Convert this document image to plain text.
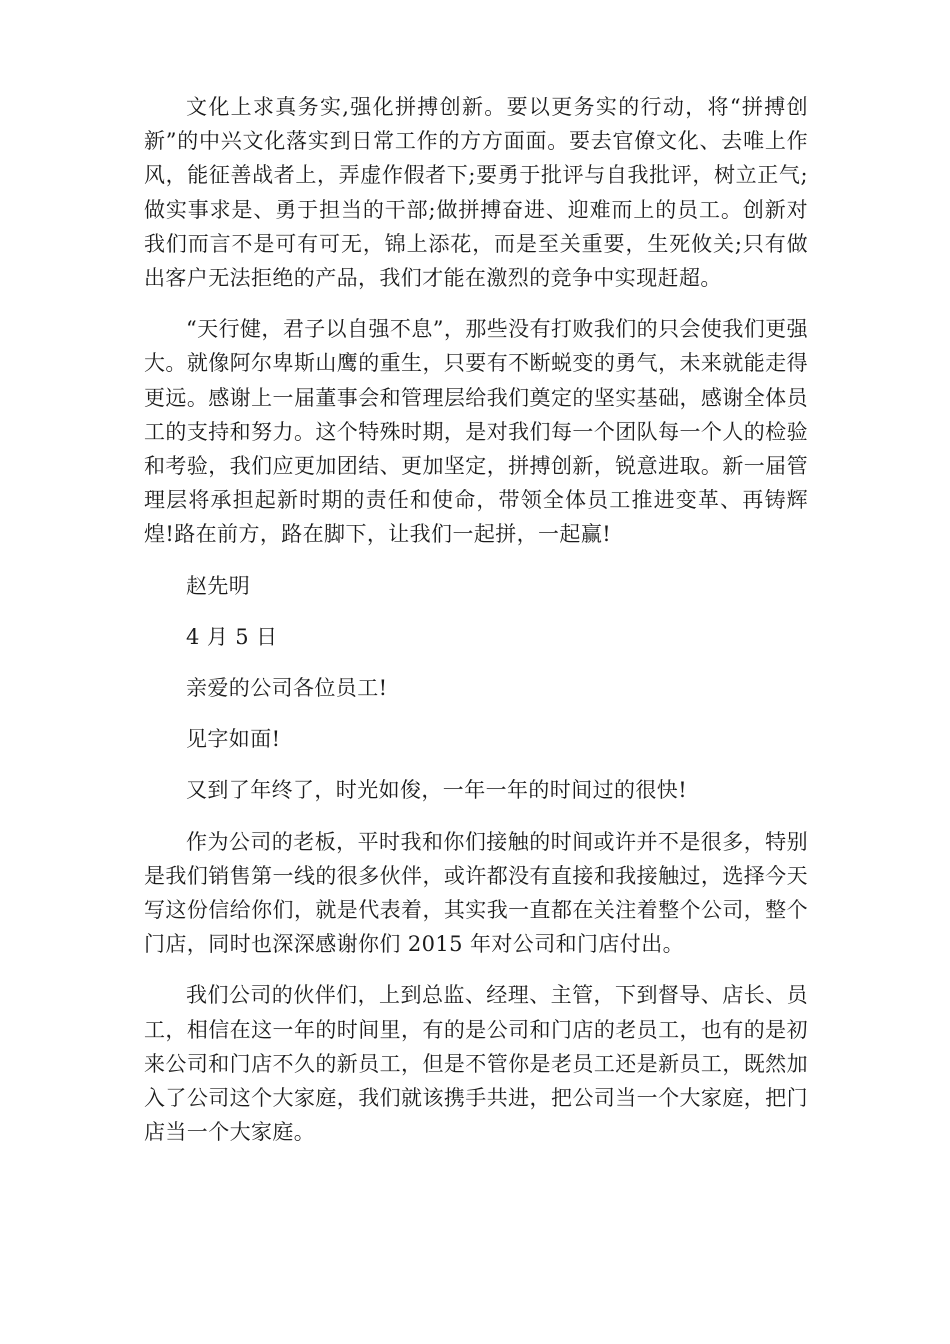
文化上求真务实,强化拼搏创新。要以更务实的行动，将“拼搏创新”的中兴文化落实到日常工作的方方面面。要去官僚文化、去唯上作风，能征善战者上，弄虚作假者下;要勇于批评与自我批评，树立正气;做实事求是、勇于担当的干部;做拼搏奋进、迎难而上的员工。创新对我们而言不是可有可无，锦上添花，而是至关重要，生死攸关;只有做出客户无法拒绝的产品，我们才能在激烈的竞争中实现赶超。

“天行健，君子以自强不息”，那些没有打败我们的只会使我们更强大。就像阿尔卑斯山鹰的重生，只要有不断蜕变的勇气，未来就能走得更远。感谢上一届董事会和管理层给我们奠定的坚实基础，感谢全体员工的支持和努力。这个特殊时期，是对我们每一个团队每一个人的检验和考验，我们应更加团结、更加坚定，拼搏创新，锐意进取。新一届管理层将承担起新时期的责任和使命，带领全体员工推进变革、再铸辉煌!路在前方，路在脚下，让我们一起拼，一起赢!

赵先明

4 月 5 日

亲爱的公司各位员工!

见字如面!

又到了年终了，时光如俊，一年一年的时间过的很快!

作为公司的老板，平时我和你们接触的时间或许并不是很多，特别是我们销售第一线的很多伙伴，或许都没有直接和我接触过，选择今天写这份信给你们，就是代表着，其实我一直都在关注着整个公司，整个门店，同时也深深感谢你们 2015 年对公司和门店付出。

我们公司的伙伴们，上到总监、经理、主管，下到督导、店长、员工，相信在这一年的时间里，有的是公司和门店的老员工，也有的是初来公司和门店不久的新员工，但是不管你是老员工还是新员工，既然加入了公司这个大家庭，我们就该携手共进，把公司当一个大家庭，把门店当一个大家庭。
